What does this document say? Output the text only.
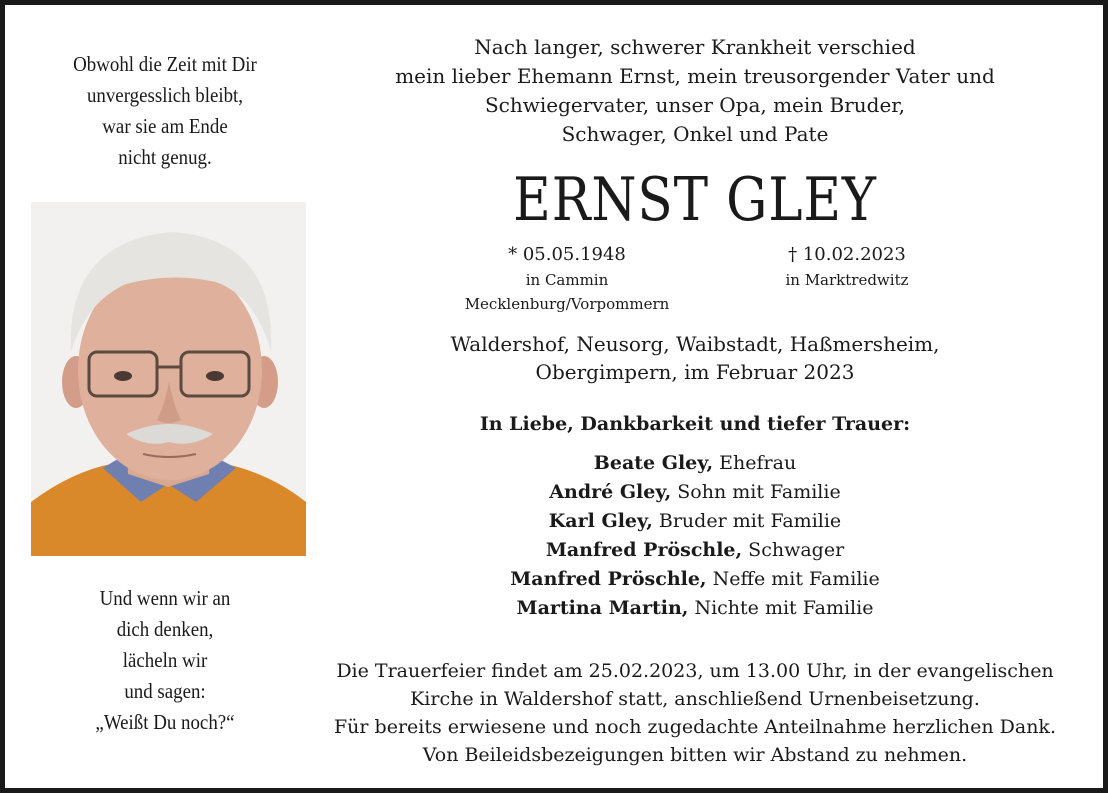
Obwohl die Zeit mit Dir
unvergesslich bleibt,
war sie am Ende
nicht genug.
Und wenn wir an
dich denken,
lächeln wir
und sagen:
„Weißt Du noch?“
Nach langer, schwerer Krankheit verschied
mein lieber Ehemann Ernst, mein treusorgender Vater und
Schwiegervater, unser Opa, mein Bruder,
Schwager, Onkel und Pate
ERNST GLEY
* 05.05.1948
in Cammin
Mecklenburg/Vorpommern
† 10.02.2023
in Marktredwitz
Waldershof, Neusorg, Waibstadt, Haßmersheim,
Obergimpern, im Februar 2023
In Liebe, Dankbarkeit und tiefer Trauer:
Beate Gley, Ehefrau
André Gley, Sohn mit Familie
Karl Gley, Bruder mit Familie
Manfred Pröschle, Schwager
Manfred Pröschle, Neffe mit Familie
Martina Martin, Nichte mit Familie
Die Trauerfeier findet am 25.02.2023, um 13.00 Uhr, in der evangelischen
Kirche in Waldershof statt, anschließend Urnenbeisetzung.
Für bereits erwiesene und noch zugedachte Anteilnahme herzlichen Dank.
Von Beileidsbezeigungen bitten wir Abstand zu nehmen.
